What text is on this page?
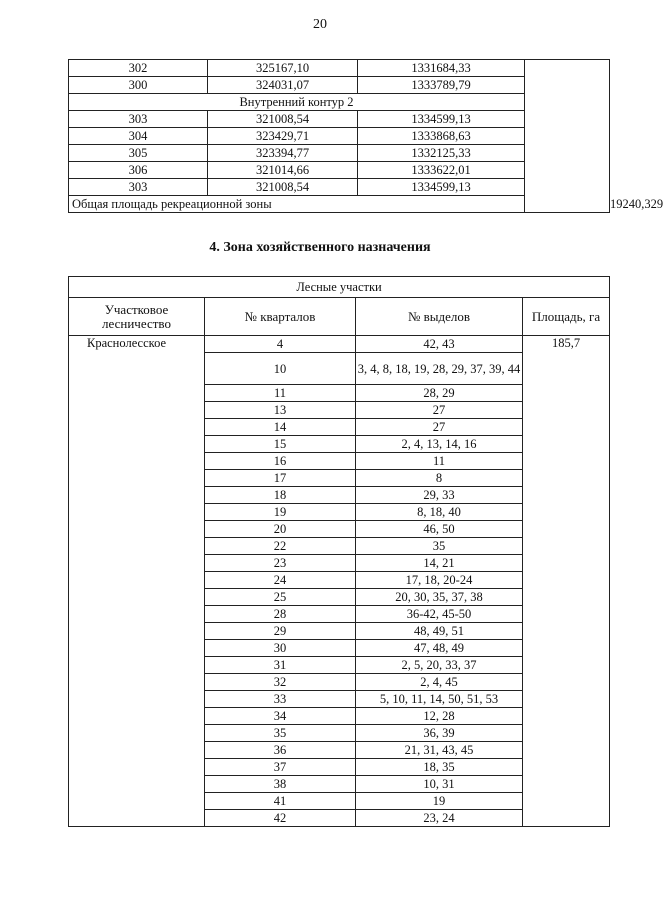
20
302	325167,10	1331684,33		
300	324031,07	1333789,79		
Внутренний контур 2				
303	321008,54	1334599,13		
304	323429,71	1333868,63		
305	323394,77	1332125,33		
306	321014,66	1333622,01		
303	321008,54	1334599,13		
Общая площадь рекреационной зоны				19240,329
4. Зона хозяйственного назначения
Лесные участки			
Участковое лесничество	№ кварталов	№ выделов	Площадь, га
Краснолесское	4	42, 43	185,7
	10	3, 4, 8, 18, 19, 28, 29, 37, 39, 44	
	11	28, 29	
	13	27	
	14	27	
	15	2, 4, 13, 14, 16	
	16	11	
	17	8	
	18	29, 33	
	19	8, 18, 40	
	20	46, 50	
	22	35	
	23	14, 21	
	24	17, 18, 20-24	
	25	20, 30, 35, 37, 38	
	28	36-42, 45-50	
	29	48, 49, 51	
	30	47, 48, 49	
	31	2, 5, 20, 33, 37	
	32	2, 4, 45	
	33	5, 10, 11, 14, 50, 51, 53	
	34	12, 28	
	35	36, 39	
	36	21, 31, 43, 45	
	37	18, 35	
	38	10, 31	
	41	19	
	42	23, 24	
